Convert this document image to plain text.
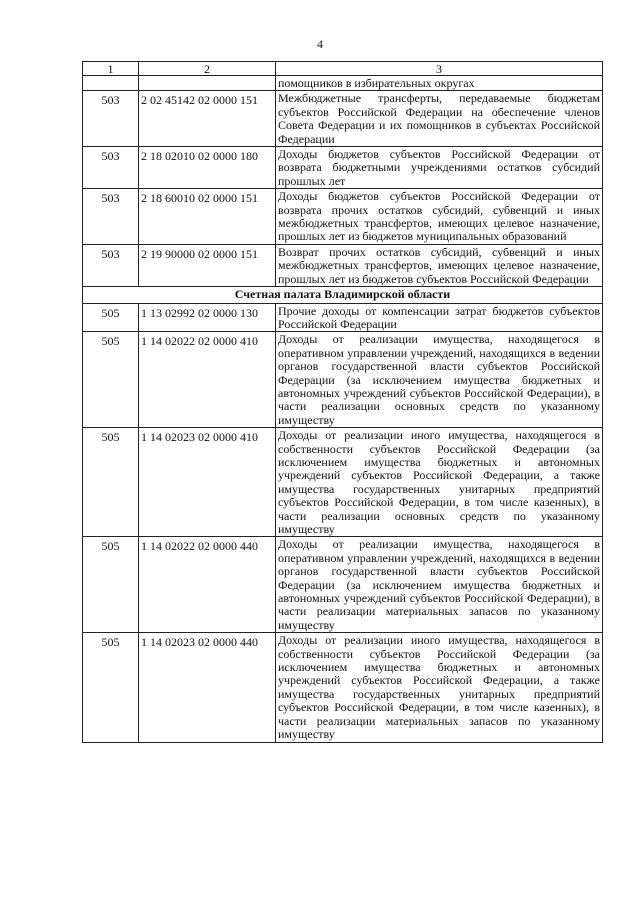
4
1	2	3
		помощников в избирательных округах
503	2 02 45142 02 0000 151	Межбюджетные трансферты, передаваемые бюджетам субъектов Российской Федерации на обеспечение членов Совета Федерации и их помощников в субъектах Российской Федерации
503	2 18 02010 02 0000 180	Доходы бюджетов субъектов Российской Федерации от возврата бюджетными учреждениями остатков субсидий прошлых лет
503	2 18 60010 02 0000 151	Доходы бюджетов субъектов Российской Федерации от возврата прочих остатков субсидий, субвенций и иных межбюджетных трансфертов, имеющих целевое назначение, прошлых лет из бюджетов муниципальных образований
503	2 19 90000 02 0000 151	Возврат прочих остатков субсидий, субвенций и иных межбюджетных трансфертов, имеющих целевое назначение, прошлых лет из бюджетов субъектов Российской Федерации
Счетная палата Владимирской области		
505	1 13 02992 02 0000 130	Прочие доходы от компенсации затрат бюджетов субъектов Российской Федерации
505	1 14 02022 02 0000 410	Доходы от реализации имущества, находящегося в оперативном управлении учреждений, находящихся в ведении органов государственной власти субъектов Российской Федерации (за исключением имущества бюджетных и автономных учреждений субъектов Российской Федерации), в части реализации основных средств по указанному имуществу
505	1 14 02023 02 0000 410	Доходы от реализации иного имущества, находящегося в собственности субъектов Российской Федерации (за исключением имущества бюджетных и автономных учреждений субъектов Российской Федерации, а также имущества государственных унитарных предприятий субъектов Российской Федерации, в том числе казенных), в части реализации основных средств по указанному имуществу
505	1 14 02022 02 0000 440	Доходы от реализации имущества, находящегося в оперативном управлении учреждений, находящихся в ведении органов государственной власти субъектов Российской Федерации (за исключением имущества бюджетных и автономных учреждений субъектов Российской Федерации), в части реализации материальных запасов по указанному имуществу
505	1 14 02023 02 0000 440	Доходы от реализации иного имущества, находящегося в собственности субъектов Российской Федерации (за исключением имущества бюджетных и автономных учреждений субъектов Российской Федерации, а также имущества государственных унитарных предприятий субъектов Российской Федерации, в том числе казенных), в части реализации материальных запасов по указанному имуществу
